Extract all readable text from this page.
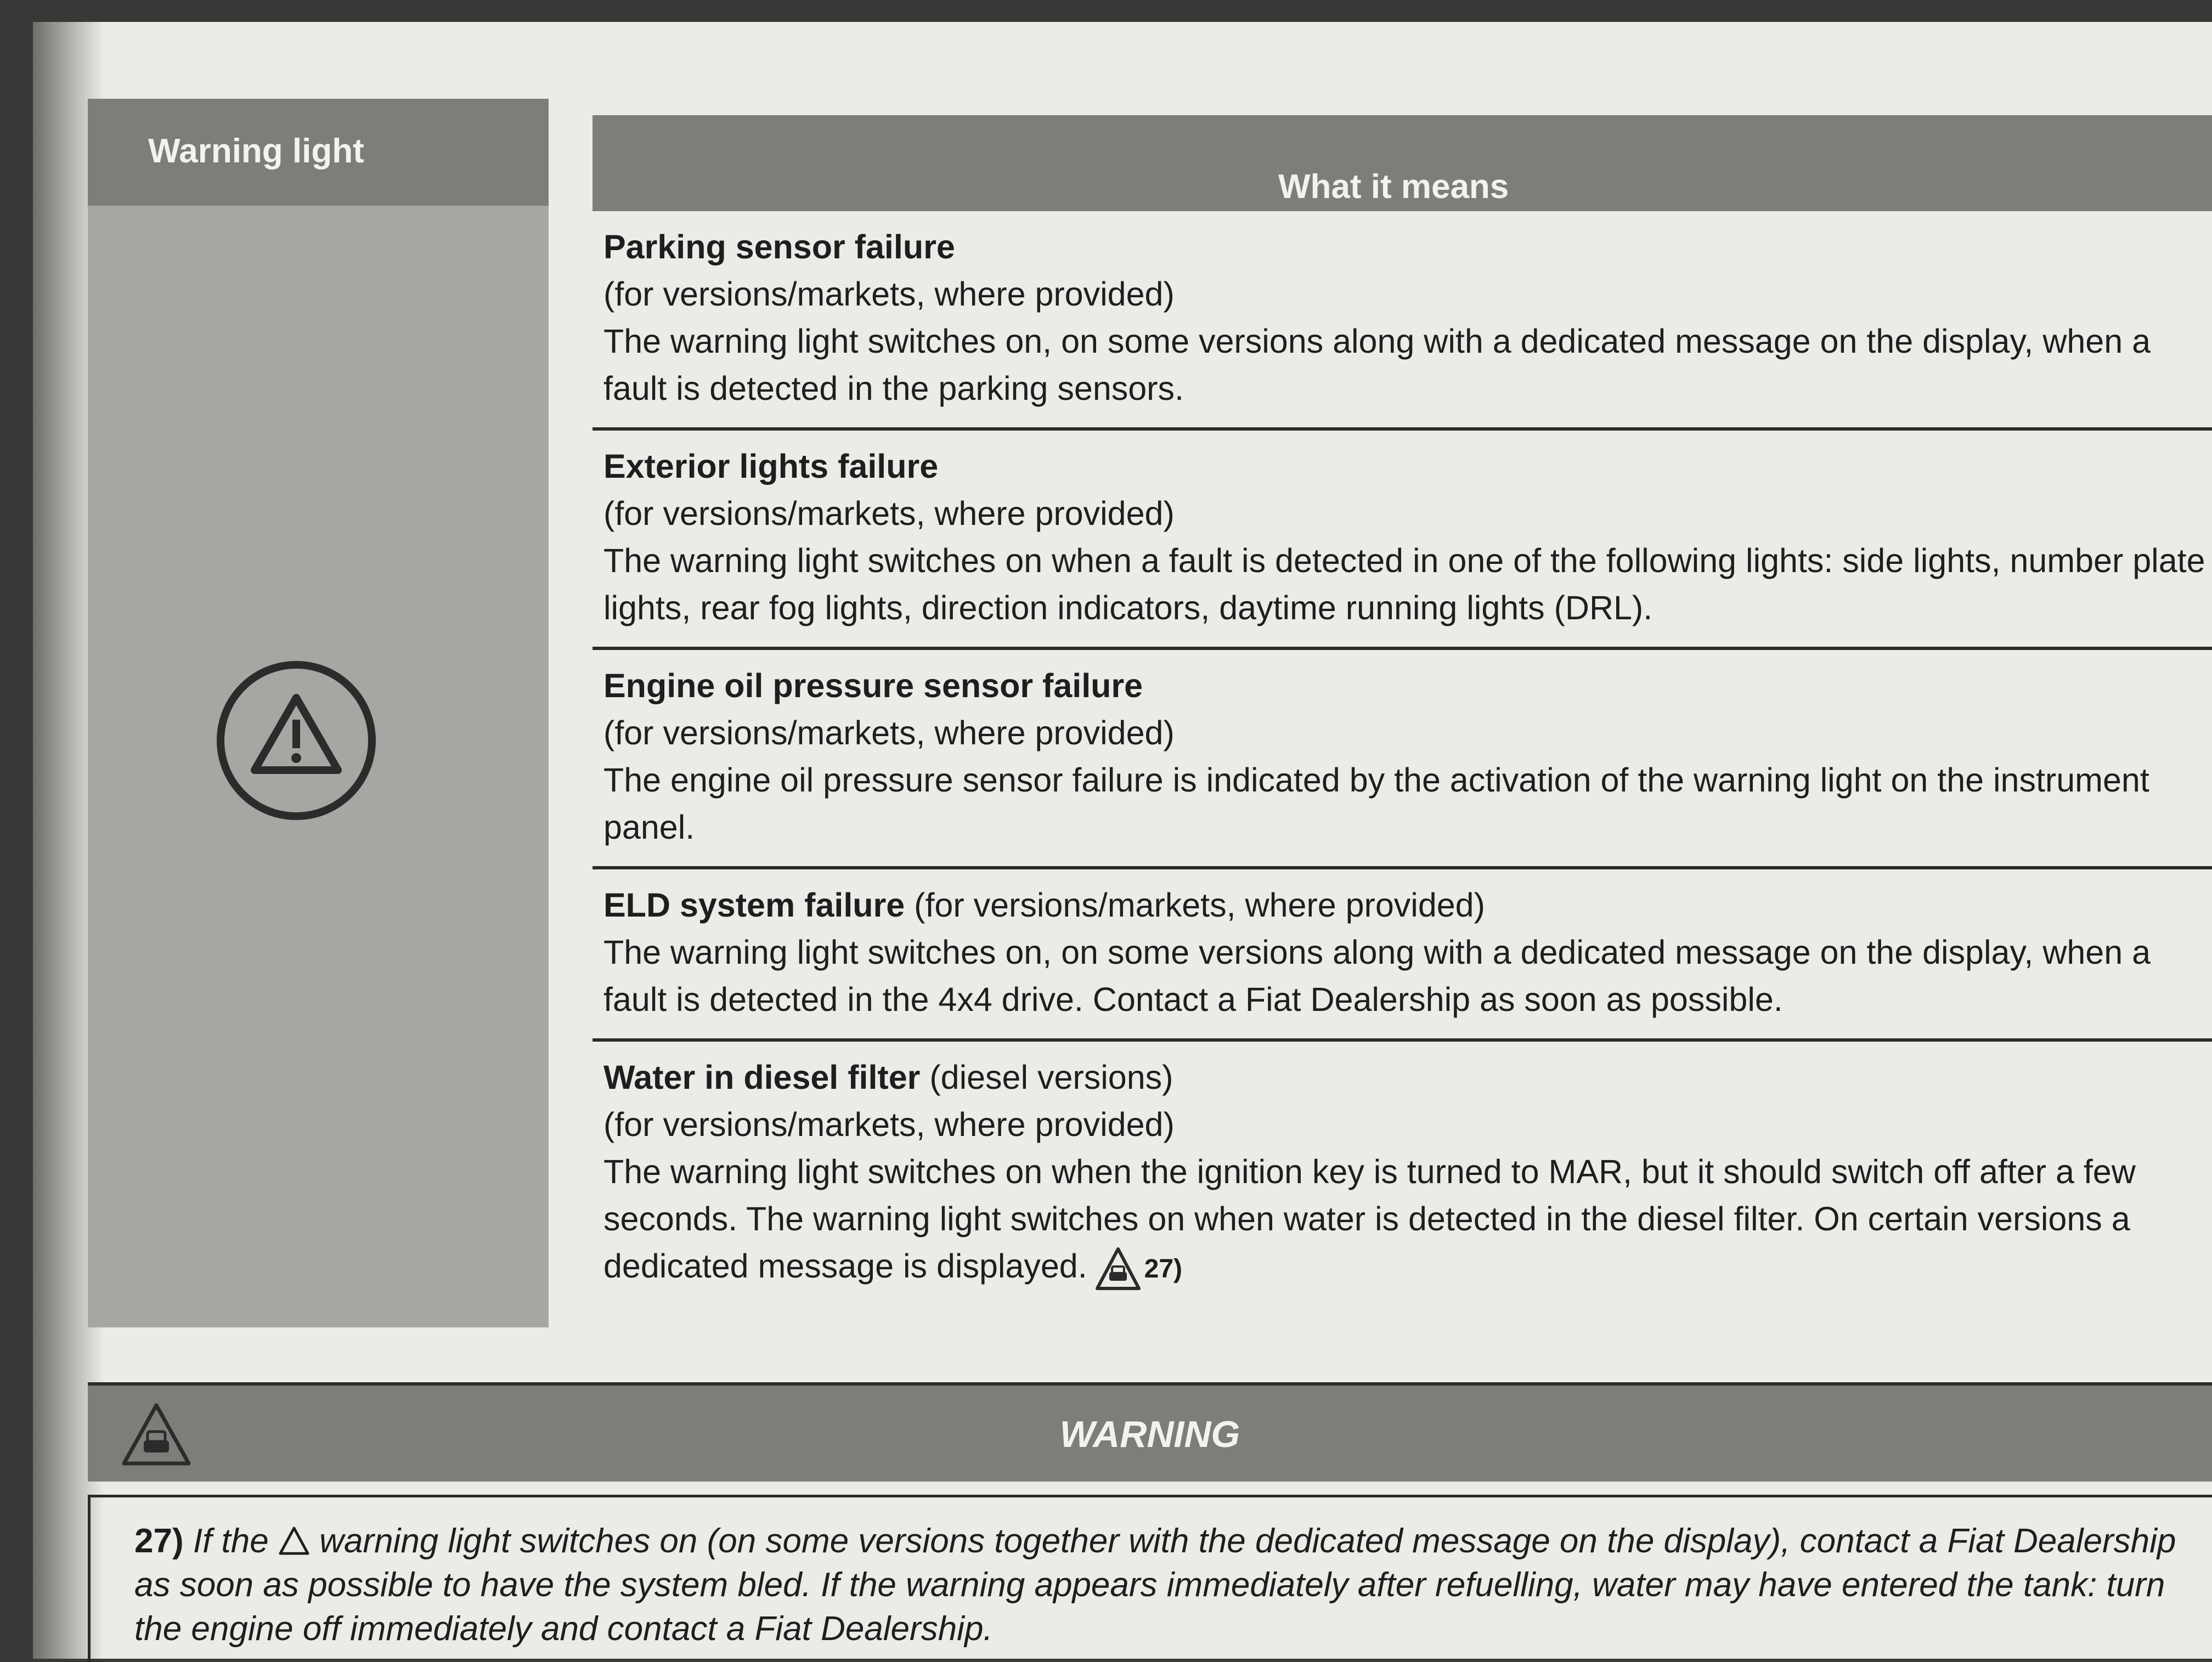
Warning light
What it means

Parking sensor failure

(for versions/markets, where provided)

The warning light switches on, on some versions along with a dedicated message on the display, when a fault is detected in the parking sensors.

Exterior lights failure

(for versions/markets, where provided)

The warning light switches on when a fault is detected in one of the following lights: side lights, number plate lights, rear fog lights, direction indicators, daytime running lights (DRL).

Engine oil pressure sensor failure

(for versions/markets, where provided)

The engine oil pressure sensor failure is indicated by the activation of the warning light on the instrument panel.

ELD system failure (for versions/markets, where provided)

The warning light switches on, on some versions along with a dedicated message on the display, when a fault is detected in the 4x4 drive. Contact a Fiat Dealership as soon as possible.

Water in diesel filter (diesel versions)

(for versions/markets, where provided)

The warning light switches on when the ignition key is turned to MAR, but it should switch off after a few seconds. The warning light switches on when water is detected in the diesel filter. On certain versions a dedicated message is displayed. 27)

WARNING
27) If the  warning light switches on (on some versions together with the dedicated message on the display), contact a Fiat Dealership as soon as possible to have the system bled. If the warning appears immediately after refuelling, water may have entered the tank: turn the engine off immediately and contact a Fiat Dealership.
